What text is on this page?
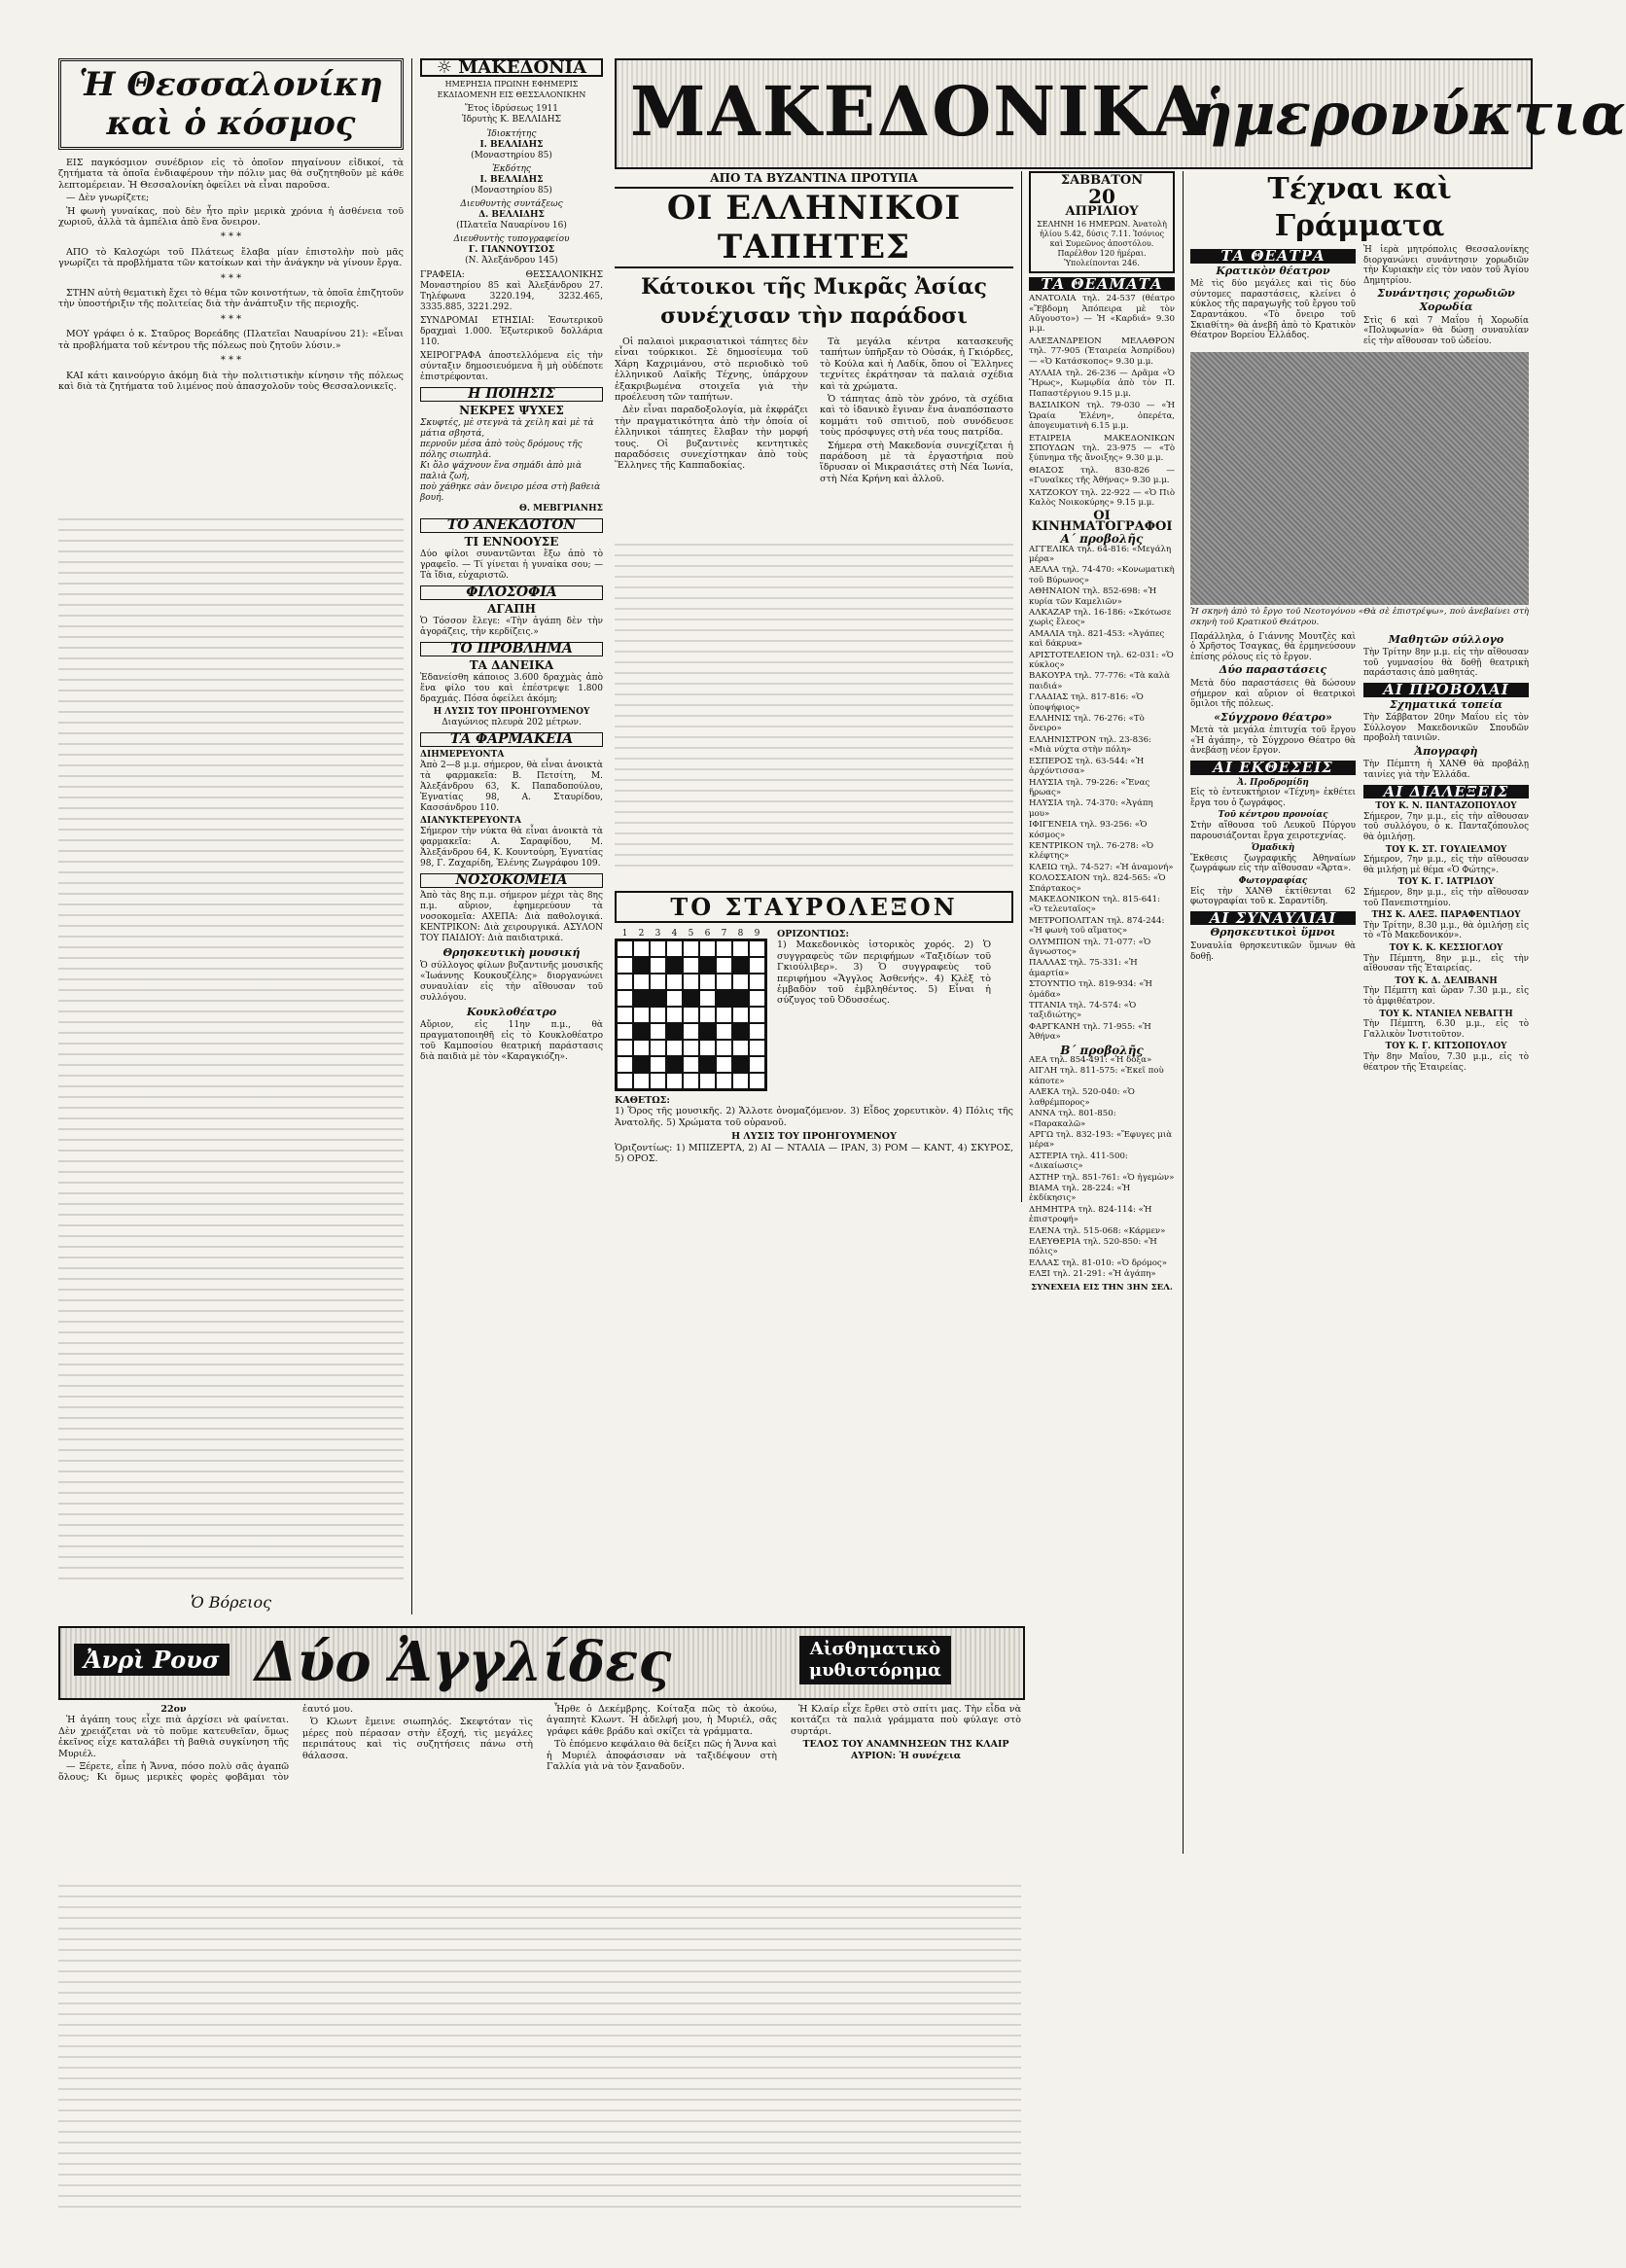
Ἡ Θεσσαλονίκη
καὶ ὁ κόσμος

ΕΙΣ παγκόσμιον συνέδριον εἰς τὸ ὁποῖον πηγαίνουν εἰδικοί, τὰ ζητήματα τὰ ὁποῖα ἐνδιαφέρουν τὴν πόλιν μας θὰ συζητηθοῦν μὲ κάθε λεπτομέρειαν. Ἡ Θεσσαλονίκη ὀφείλει νὰ εἶναι παροῦσα.

— Δὲν γνωρίζετε;

Ἡ φωνὴ γυναίκας, ποὺ δὲν ἦτο πρὶν μερικὰ χρόνια ἡ ἀσθένεια τοῦ χωριοῦ, ἀλλὰ τὰ ἀμπέλια ἀπὸ ἕνα ὄνειρον.

* * *

ΑΠΟ τὸ Καλοχώρι τοῦ Πλάτεως ἔλαβα μίαν ἐπιστολὴν ποὺ μᾶς γνωρίζει τὰ προβλήματα τῶν κατοίκων καὶ τὴν ἀνάγκην νὰ γίνουν ἔργα.

* * *

ΣΤΗΝ αὐτὴ θεματικὴ ἔχει τὸ θέμα τῶν κοινοτήτων, τὰ ὁποῖα ἐπιζητοῦν τὴν ὑποστήριξιν τῆς πολιτείας διὰ τὴν ἀνάπτυξιν τῆς περιοχῆς.

* * *

ΜΟΥ γράφει ὁ κ. Σταῦρος Βορεάδης (Πλατεῖαι Ναυαρίνου 21): «Εἶναι τὰ προβλήματα τοῦ κέντρου τῆς πόλεως ποὺ ζητοῦν λύσιν.»

* * *

ΚΑΙ κάτι καινούργιο ἀκόμη διὰ τὴν πολιτιστικὴν κίνησιν τῆς πόλεως καὶ διὰ τὰ ζητήματα τοῦ λιμένος ποὺ ἀπασχολοῦν τοὺς Θεσσαλονικεῖς.

Ὁ Βόρειος
☼ ΜΑΚΕΔΟΝΙΑ
ΗΜΕΡΗΣΙΑ ΠΡΩΙΝΗ ΕΦΗΜΕΡΙΣ ΕΚΔΙΔΟΜΕΝΗ ΕΙΣ ΘΕΣΣΑΛΟΝΙΚΗΝ
Ἔτος ἱδρύσεως 1911
Ἱδρυτὴς Κ. ΒΕΛΛΙΔΗΣ
Ἰδιοκτήτης
Ι. ΒΕΛΛΙΔΗΣ
(Μοναστηρίου 85)
Ἐκδότης
Ι. ΒΕΛΛΙΔΗΣ
(Μοναστηρίου 85)
Διευθυντὴς συντάξεως
Δ. ΒΕΛΛΙΔΗΣ
(Πλατεῖα Ναυαρίνου 16)
Διευθυντὴς τυπογραφείου
Γ. ΓΙΑΝΝΟΥΤΣΟΣ
(Ν. Ἀλεξάνδρου 145)
ΓΡΑΦΕΙΑ: ΘΕΣΣΑΛΟΝΙΚΗΣ Μοναστηρίου 85 καὶ Ἀλεξάνδρου 27. Τηλέφωνα 3220.194, 3232.465, 3335.885, 3221.292.
ΣΥΝΔΡΟΜΑΙ ΕΤΗΣΙΑΙ: Ἐσωτερικοῦ δραχμαὶ 1.000. Ἐξωτερικοῦ δολλάρια 110.
ΧΕΙΡΟΓΡΑΦΑ ἀποστελλόμενα εἰς τὴν σύνταξιν δημοσιευόμενα ἢ μὴ οὐδέποτε ἐπιστρέφονται.
Η ΠΟΙΗΣΙΣ
ΝΕΚΡΕΣ ΨΥΧΕΣ
Σκυφτές, μὲ στεγνὰ τὰ χείλη καὶ μὲ τὰ μάτια σβηστά,
περνοῦν μέσα ἀπὸ τοὺς δρόμους τῆς πόλης σιωπηλά.
Κι ὅλο ψάχνουν ἕνα σημάδι ἀπὸ μιὰ παλιὰ ζωή,
ποὺ χάθηκε σὰν ὄνειρο μέσα στὴ βαθειὰ βουή.
Θ. ΜΕΒΓΡΙΑΝΗΣ
ΤΟ ΑΝΕΚΔΟΤΟΝ
ΤΙ ΕΝΝΟΟΥΣΕ
Δύο φίλοι συναντῶνται ἔξω ἀπὸ τὸ γραφεῖο. — Τί γίνεται ἡ γυναίκα σου; — Τὰ ἴδια, εὐχαριστῶ.
ΦΙΛΟΣΟΦΙΑ
ΑΓΑΠΗ
Ὁ Τόσσον ἔλεγε: «Τὴν ἀγάπη δὲν τὴν ἀγοράζεις, τὴν κερδίζεις.»
ΤΟ ΠΡΟΒΛΗΜΑ
ΤΑ ΔΑΝΕΙΚΑ
Ἐδανείσθη κάποιος 3.600 δραχμὰς ἀπὸ ἕνα φίλο του καὶ ἐπέστρεψε 1.800 δραχμάς. Πόσα ὀφείλει ἀκόμη;
Η ΛΥΣΙΣ ΤΟΥ ΠΡΟΗΓΟΥΜΕΝΟΥ
Διαγώνιος πλευρὰ 202 μέτρων.
ΤΑ ΦΑΡΜΑΚΕΙΑ
ΔΙΗΜΕΡΕΥΟΝΤΑ
Ἀπὸ 2—8 μ.μ. σήμερον, θὰ εἶναι ἀνοικτὰ τὰ φαρμακεῖα: Β. Πετσίτη, Μ. Ἀλεξάνδρου 63, Κ. Παπαδοπούλου, Ἐγνατίας 98, Α. Σταυρίδου, Κασσάνδρου 110.
ΔΙΑΝΥΚΤΕΡΕΥΟΝΤΑ
Σήμερον τὴν νύκτα θὰ εἶναι ἀνοικτὰ τὰ φαρμακεῖα: Α. Σαραφίδου, Μ. Ἀλεξάνδρου 64, Κ. Κουντούρη, Ἐγνατίας 98, Γ. Ζαχαρίδη, Ἑλένης Ζωγράφου 109.
ΝΟΣΟΚΟΜΕΙΑ
Ἀπὸ τὰς 8ης π.μ. σήμερον μέχρι τὰς 8ης π.μ. αὔριον, ἐφημερεύουν τὰ νοσοκομεῖα: ΑΧΕΠΑ: Διὰ παθολογικά. ΚΕΝΤΡΙΚΟΝ: Διὰ χειρουργικά. ΑΣΥΛΟΝ ΤΟΥ ΠΑΙΔΙΟΥ: Διὰ παιδιατρικά.
Θρησκευτικὴ μουσική
Ὁ σύλλογος φίλων βυζαντινῆς μουσικῆς «Ἰωάννης Κουκουζέλης» διοργανώνει συναυλίαν εἰς τὴν αἴθουσαν τοῦ συλλόγου.
Κουκλοθέατρο
Αὔριον, εἰς 11ην π.μ., θὰ πραγματοποιηθῆ εἰς τὸ Κουκλοθέατρο τοῦ Καμποσίου θεατρική παράστασις διὰ παιδιὰ μὲ τὸν «Καραγκιόζη».
ΜΑΚΕΔΟΝΙΚΑ
ἡμερονύκτια
ΑΠΟ ΤΑ ΒΥΖΑΝΤΙΝΑ ΠΡΟΤΥΠΑ
ΟΙ ΕΛΛΗΝΙΚΟΙ ΤΑΠΗΤΕΣ
Κάτοικοι τῆς Μικρᾶς Ἀσίας
συνέχισαν τὴν παράδοσι

Οἱ παλαιοὶ μικρασιατικοὶ τάπητες δὲν εἶναι τούρκικοι. Σὲ δημοσίευμα τοῦ Χάρη Καχριμάνου, στὸ περιοδικὸ τοῦ ἑλληνικοῦ Λαϊκῆς Τέχνης, ὑπάρχουν ἐξακριβωμένα στοιχεῖα γιὰ τὴν προέλευση τῶν ταπήτων.

Δὲν εἶναι παραδοξολογία, μὰ ἐκφράζει τὴν πραγματικότητα ἀπὸ τὴν ὁποία οἱ ἐλληνικοὶ τάπητες ἔλαβαν τὴν μορφή τους. Οἱ βυζαντινὲς κεντητικὲς παραδόσεις συνεχίστηκαν ἀπὸ τοὺς Ἕλληνες τῆς Καππαδοκίας.

Τὰ μεγάλα κέντρα κατασκευῆς ταπήτων ὑπῆρξαν τὸ Οὐσάκ, ἡ Γκιόρδες, τὸ Κούλα καὶ ἡ Λαδίκ, ὅπου οἱ Ἕλληνες τεχνίτες ἐκράτησαν τὰ παλαιὰ σχέδια καὶ τὰ χρώματα.

Ὁ τάπητας ἀπὸ τὸν χρόνο, τὰ σχέδια καὶ τὸ ἰδανικὸ ἔγιναν ἕνα ἀναπόσπαστο κομμάτι τοῦ σπιτιοῦ, ποὺ συνόδευσε τοὺς πρόσφυγες στὴ νέα τους πατρίδα.

Σήμερα στὴ Μακεδονία συνεχίζεται ἡ παράδοση μὲ τὰ ἐργαστήρια ποὺ ἵδρυσαν οἱ Μικρασιάτες στὴ Νέα Ἰωνία, στὴ Νέα Κρήνη καὶ ἀλλοῦ.

ΤΟ ΣΤΑΥΡΟΛΕΞΟΝ
1	2	3	4	5	6	7	8	9	ΟΡΙΖΟΝΤΙΩΣ:
1) Μακεδονικὸς ἱστορικὸς χορός. 2) Ὁ συγγραφεὺς τῶν περιφήμων «Ταξιδίων τοῦ Γκιούλιβερ». 3) Ὁ συγγραφεὺς τοῦ περιφήμου «Ἄγγλος Ἀσθενής». 4) Κλὲξ τὸ ἐμβαδὸν τοῦ ἐμβληθέντος. 5) Εἶναι ἡ σύζυγος τοῦ Ὀδυσσέως.
ΚΑΘΕΤΩΣ:
1) Ὅρος τῆς μουσικῆς. 2) Ἄλλοτε ὀνομαζόμενον. 3) Εἶδος χορευτικὸν. 4) Πόλις τῆς Ἀνατολῆς. 5) Χρώματα τοῦ οὐρανοῦ.
Η ΛΥΣΙΣ ΤΟΥ ΠΡΟΗΓΟΥΜΕΝΟΥ
Ὁριζοντίως: 1) ΜΠΙΖΕΡΤΑ, 2) ΑΙ — ΝΤΑΛΙΑ — ΙΡΑΝ, 3) ΡΟΜ — ΚΑΝΤ, 4) ΣΚΥΡΟΣ, 5) ΟΡΟΣ.
ΣΑΒΒΑΤΟΝ
20
ΑΠΡΙΛΙΟΥ
ΣΕΛΗΝΗ 16 ΗΜΕΡΩΝ. Ἀνατολὴ ἡλίου 5.42, δύσις 7.11. Ἰσόνιος καὶ Συμεῶνος ἀποστόλου. Παρέλθον 120 ἡμέραι. Ὑπολείπονται 246.
ΤΑ ΘΕΑΜΑΤΑ
ΑΝΑΤΟΛΙΑ τηλ. 24-537 (θέατρο «Ἔβδομη Ἀπόπειρα μὲ τὸν Αὔγουστο») — Ἡ «Καρδιά» 9.30 μ.μ.
ΑΛΕΞΑΝΔΡΕΙΟΝ ΜΕΛΑΘΡΟΝ τηλ. 77-905 (Ἑταιρεία Ἀσπρίδου) — «Ὁ Κατάσκοπος» 9.30 μ.μ.
ΑΥΛΑΙΑ τηλ. 26-236 — Δρᾶμα «Ὁ Ἥρως», Κωμῳδία ἀπὸ τὸν Π. Παπαστέργιου 9.15 μ.μ.
ΒΑΣΙΛΙΚΟΝ τηλ. 79-030 — «Ἡ Ὡραία Ἑλένη», ὀπερέτα, ἀπογευματινὴ 6.15 μ.μ.
ΕΤΑΙΡΕΙΑ ΜΑΚΕΔΟΝΙΚΩΝ ΣΠΟΥΔΩΝ τηλ. 23-975 — «Τὸ ξύπνημα τῆς ἄνοιξης» 9.30 μ.μ.
ΘΙΑΣΟΣ τηλ. 830-826 — «Γυναῖκες τῆς Ἀθήνας» 9.30 μ.μ.
ΧΑΤΖΟΚΟΥ τηλ. 22-922 — «Ὁ Πιὸ Καλὸς Νοικοκύρης» 9.15 μ.μ.
ΟΙ ΚΙΝΗΜΑΤΟΓΡΑΦΟΙ
Α΄ προβολῆς
ΑΓΓΕΛΙΚΑ τηλ. 64-816: «Μεγάλη μέρα»
ΑΕΛΛΑ τηλ. 74-470: «Κονωματικὴ τοῦ Βύρωνος»
ΑΘΗΝΑΙΟΝ τηλ. 852-698: «Ἡ κυρία τῶν Καμελιῶν»
ΑΛΚΑΖΑΡ τηλ. 16-186: «Σκότωσε χωρὶς ἔλεος»
ΑΜΑΛΙΑ τηλ. 821-453: «Ἀγάπες καὶ δάκρυα»
ΑΡΙΣΤΟΤΕΛΕΙΟΝ τηλ. 62-031: «Ὁ κύκλος»
ΒΑΚΟΥΡΑ τηλ. 77-776: «Τὰ καλὰ παιδιά»
ΓΛΑΔΙΑΣ τηλ. 817-816: «Ὁ ὑποψήφιος»
ΕΛΛΗΝΙΣ τηλ. 76-276: «Τὸ ὄνειρο»
ΕΛΛΗΝΙΣΤΡΟΝ τηλ. 23-836: «Μιὰ νύχτα στὴν πόλη»
ΕΣΠΕΡΟΣ τηλ. 63-544: «Ἡ ἀρχόντισσα»
ΗΛΥΣΙΑ τηλ. 79-226: «Ἔνας ἥρωας»
ΗΛΥΣΙΑ τηλ. 74-370: «Ἀγάπη μου»
ΙΦΙΓΕΝΕΙΑ τηλ. 93-256: «Ὁ κόσμος»
ΚΕΝΤΡΙΚΟΝ τηλ. 76-278: «Ὁ κλέφτης»
ΚΛΕΙΩ τηλ. 74-527: «Ἡ ἀναμονή»
ΚΟΛΟΣΣΑΙΟΝ τηλ. 824-565: «Ὁ Σπάρτακος»
ΜΑΚΕΔΟΝΙΚΟΝ τηλ. 815-641: «Ὁ τελευταῖος»
ΜΕΤΡΟΠΟΛΙΤΑΝ τηλ. 874-244: «Ἡ φωνὴ τοῦ αἵματος»
ΟΛΥΜΠΙΟΝ τηλ. 71-077: «Ὁ ἄγνωστος»
ΠΑΛΛΑΣ τηλ. 75-331: «Ἡ ἁμαρτία»
ΣΤΟΥΝΤΙΟ τηλ. 819-934: «Ἡ ὁμάδα»
ΤΙΤΑΝΙΑ τηλ. 74-574: «Ὁ ταξιδιώτης»
ΦΑΡΓΚΑΝΗ τηλ. 71-955: «Ἡ Ἀθήνα»
Β΄ προβολῆς
ΑΕΑ τηλ. 854-491: «Ἡ δόξα»
ΑΙΓΛΗ τηλ. 811-575: «Ἐκεῖ ποὺ κάποτε»
ΑΛΕΚΑ τηλ. 520-040: «Ὁ λαθρέμπορος»
ΑΝΝΑ τηλ. 801-850: «Παρακαλῶ»
ΑΡΓΩ τηλ. 832-193: «Ἔφυγες μιὰ μέρα»
ΑΣΤΕΡΙΑ τηλ. 411-500: «Δικαίωσις»
ΑΣΤΗΡ τηλ. 851-761: «Ὁ ἡγεμὼν»
ΒΙΑΜΑ τηλ. 28-224: «Ἡ ἐκδίκησις»
ΔΗΜΗΤΡΑ τηλ. 824-114: «Ἡ ἐπιστροφή»
ΕΛΕΝΑ τηλ. 515-068: «Κάρμεν»
ΕΛΕΥΘΕΡΙΑ τηλ. 520-850: «Ἡ πόλις»
ΕΛΛΑΣ τηλ. 81-010: «Ὁ δρόμος»
ΕΛΞΙ τηλ. 21-291: «Ἡ ἀγάπη»
ΣΥΝΕΧΕΙΑ ΕΙΣ ΤΗΝ 3ΗΝ ΣΕΛ.
Τέχναι καὶ Γράμματα
ΤΑ ΘΕΑΤΡΑ
Κρατικὸν θέατρον
Μὲ τὶς δύο μεγάλες καὶ τὶς δύο σύντομες παραστάσεις, κλείνει ὁ κύκλος τῆς παραγωγῆς τοῦ ἔργου τοῦ Σαραντάκου. «Τὸ ὄνειρο τοῦ Σκιαθίτη» θὰ ἀνεβῆ ἀπὸ τὸ Κρατικὸν Θέατρον Βορείου Ἑλλάδος.
Ἡ ἱερὰ μητρόπολις Θεσσαλονίκης διοργανώνει συνάντησιν χορωδιῶν τὴν Κυριακὴν εἰς τὸν ναὸν τοῦ Ἁγίου Δημητρίου.
Συνάντησις χορωδιῶν
Χορωδία
Στὶς 6 καὶ 7 Μαΐου ἡ Χορωδία «Πολυφωνία» θὰ δώσῃ συναυλίαν εἰς τὴν αἴθουσαν τοῦ ὡδείου.
Ἡ σκηνὴ ἀπὸ τὸ ἔργο τοῦ Νεοτογόνου «Θὰ σὲ ἐπιστρέψω», ποὺ ἀνεβαίνει στὴ σκηνὴ τοῦ Κρατικοῦ Θεάτρου.
Παράλληλα, ὁ Γιάννης Μουτζὲς καὶ ὁ Χρῆστος Τσαγκας, θὰ ἑρμηνεύσουν ἐπίσης ρόλους εἰς τὸ ἔργον.
Δύο παραστάσεις
Μετὰ δύο παραστάσεις θὰ δώσουν σήμερον καὶ αὔριον οἱ θεατρικοὶ ὅμιλοι τῆς πόλεως.
«Σύγχρονο θέατρο»
Μετὰ τὰ μεγάλα ἐπιτυχία τοῦ ἔργου «Ἡ ἀγάπη», τὸ Σύγχρονο Θέατρο θὰ ἀνεβάσῃ νέον ἔργον.
ΑΙ ΕΚΘΕΣΕΙΣ
Ἀ. Προδρομίδη
Εἰς τὸ ἐντευκτήριον «Τέχνη» ἐκθέτει ἔργα του ὁ ζωγράφος.
Τοῦ κέντρου προνοίας
Στὴν αἴθουσα τοῦ Λευκοῦ Πύργου παρουσιάζονται ἔργα χειροτεχνίας.
Ὁμαδικὴ
Ἔκθεσις ζωγραφικῆς Ἀθηναίων ζωγράφων εἰς τὴν αἴθουσαν «Ἄρτα».
Φωτογραφίας
Εἰς τὴν ΧΑΝΘ ἐκτίθενται 62 φωτογραφίαι τοῦ κ. Σαραντίδη.
ΑΙ ΣΥΝΑΥΛΙΑΙ
Θρησκευτικοὶ ὕμνοι
Συναυλία θρησκευτικῶν ὕμνων θὰ δοθῇ.
Μαθητῶν σύλλογο
Τὴν Τρίτην 8ην μ.μ. εἰς τὴν αἴθουσαν τοῦ γυμνασίου θὰ δοθῇ θεατρικὴ παράστασις ἀπὸ μαθητάς.
ΑΙ ΠΡΟΒΟΛΑΙ
Σχηματικά τοπεία
Τὴν Σάββατον 20ην Μαΐου εἰς τὸν Σύλλογον Μακεδονικῶν Σπουδῶν προβολὴ ταινιῶν.
Ἀπογραφὴ
Τὴν Πέμπτη ἡ ΧΑΝΘ θὰ προβάλῃ ταινίες γιὰ τὴν Ἑλλάδα.
ΑΙ ΔΙΑΛΕΞΕΙΣ
ΤΟΥ Κ. Ν. ΠΑΝΤΑΖΟΠΟΥΛΟΥ
Σήμερον, 7ην μ.μ., εἰς τὴν αἴθουσαν τοῦ συλλόγου, ὁ κ. Πανταζόπουλος θὰ ὁμιλήσῃ.
ΤΟΥ Κ. ΣΤ. ΓΟΥΛΙΕΛΜΟΥ
Σήμερον, 7ην μ.μ., εἰς τὴν αἴθουσαν θὰ μιλήσῃ μὲ θέμα «Ὁ Φώτης».
ΤΟΥ Κ. Γ. ΙΑΤΡΙΔΟΥ
Σήμερον, 8ην μ.μ., εἰς τὴν αἴθουσαν τοῦ Πανεπιστημίου.
ΤΗΣ Κ. ΑΛΕΞ. ΠΑΡΑΦΕΝΤΙΔΟΥ
Τὴν Τρίτην, 8.30 μ.μ., θὰ ὁμιλήσῃ εἰς τὸ «Τὸ Μακεδονικόν».
ΤΟΥ Κ. Κ. ΚΕΣΣΙΟΓΛΟΥ
Τὴν Πέμπτη, 8ην μ.μ., εἰς τὴν αἴθουσαν τῆς Ἑταιρείας.
ΤΟΥ Κ. Δ. ΔΕΛΙΒΑΝΗ
Τὴν Πέμπτη καὶ ὥραν 7.30 μ.μ., εἰς τὸ ἀμφιθέατρον.
ΤΟΥ Κ. ΝΤΑΝΙΕΛ ΝΕΒΑΓΓΗ
Τὴν Πέμπτη, 6.30 μ.μ., εἰς τὸ Γαλλικὸν Ἰνστιτοῦτον.
ΤΟΥ Κ. Γ. ΚΙΤΣΟΠΟΥΛΟΥ
Τὴν 8ην Μαΐου, 7.30 μ.μ., εἰς τὸ θέατρον τῆς Ἑταιρείας.
Ἀνρὶ Ρουσ Δύο Ἀγγλίδες	Αἰσθηματικὸ
μυθιστόρημα
22ον

Ἡ ἀγάπη τους εἶχε πιὰ ἀρχίσει νὰ φαίνεται. Δὲν χρειάζεται νὰ τὸ ποῦμε κατευθεῖαν, ὅμως ἐκεῖνος εἶχε καταλάβει τὴ βαθιὰ συγκίνηση τῆς Μυριέλ.

— Ξέρετε, εἶπε ἡ Ἄννα, πόσο πολὺ σᾶς ἀγαπῶ ὅλους; Κι ὅμως μερικὲς φορὲς φοβᾶμαι τὸν ἑαυτό μου.

Ὁ Κλωντ ἔμεινε σιωπηλός. Σκεφτόταν τὶς μέρες ποὺ πέρασαν στὴν ἐξοχή, τὶς μεγάλες περιπάτους καὶ τὶς συζητήσεις πάνω στὴ θάλασσα.

Ἦρθε ὁ Δεκέμβρης. Κοίταξα πῶς τὸ ἀκούω, ἀγαπητὲ Κλωντ. Ἡ ἀδελφή μου, ἡ Μυριέλ, σᾶς γράφει κάθε βράδυ καὶ σκίζει τὰ γράμματα.

Τὸ ἐπόμενο κεφάλαιο θὰ δείξει πῶς ἡ Ἄννα καὶ ἡ Μυριέλ ἀποφάσισαν νὰ ταξιδέψουν στὴ Γαλλία γιὰ νὰ τὸν ξαναδοῦν.

Ἡ Κλαίρ εἶχε ἔρθει στὸ σπίτι μας. Τὴν εἶδα νὰ κοιτάζει τὰ παλιὰ γράμματα ποὺ φύλαγε στὸ συρτάρι.

ΤΕΛΟΣ ΤΟΥ ΑΝΑΜΝΗΣΕΩΝ ΤΗΣ ΚΛΑΙΡ
ΑΥΡΙΟΝ: Ἡ συνέχεια
